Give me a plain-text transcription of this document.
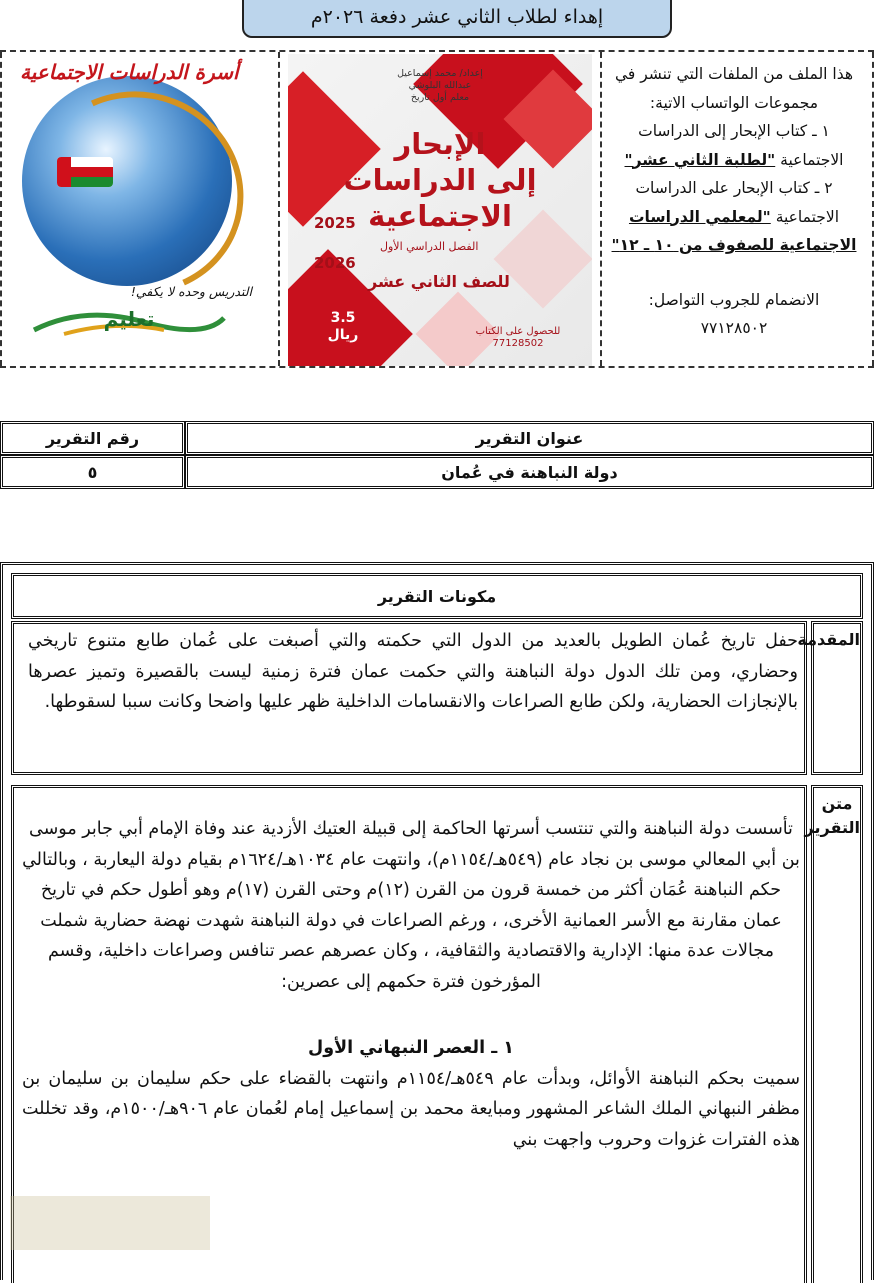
إهداء لطلاب الثاني عشر دفعة ٢٠٢٦م
هذا الملف من الملفات التي تنشر في
مجموعات الواتساب الاتية:
١ ـ كتاب الإبحار إلى الدراسات
الاجتماعية "لطلبة الثاني عشر"
٢ ـ كتاب الإبحار على الدراسات
الاجتماعية "لمعلمي الدراسات
الاجتماعية للصفوف من ١٠ ـ ١٢"
الانضمام للجروب التواصل:
٧٧١٢٨٥٠٢
إعداد/ محمد إسماعيل
عبدالله البلوشي
معلم أول تاريخ
الإبحار
إلى الدراسات
الاجتماعية
2025
الفصل الدراسي الأول
2026
للصف الثاني عشر
3.5
ريال	للحصول على الكتاب
77128502
أسرة الدراسات الاجتماعية
التدريس وحده لا يكفي!
تعليم
عنوان التقرير	رقم التقرير
دولة النباهنة في عُمان	٥
مكونات التقرير
المقدمة
حفل تاريخ عُمان الطويل بالعديد من الدول التي حكمته والتي أصبغت على عُمان طابع متنوع تاريخي وحضاري، ومن تلك الدول دولة النباهنة والتي حكمت عمان فترة زمنية ليست بالقصيرة وتميز عصرها بالإنجازات الحضارية، ولكن طابع الصراعات والانقسامات الداخلية ظهر عليها واضحا وكانت سببا لسقوطها.
متن التقرير

تأسست دولة النباهنة والتي تنتسب أسرتها الحاكمة إلى قبيلة العتيك الأزدية عند وفاة الإمام أبي جابر موسى بن أبي المعالي موسى بن نجاد عام (٥٤٩هـ/١١٥٤م)، وانتهت عام ١٠٣٤هـ/١٦٢٤م بقيام دولة اليعاربة ، وبالتالي حكم النباهنة عُمَان أكثر من خمسة قرون من القرن (١٢)م وحتى القرن (١٧)م وهو أطول حكم في تاريخ عمان مقارنة مع الأسر العمانية الأخرى، ، ورغم الصراعات في دولة النباهنة شهدت نهضة حضارية شملت مجالات عدة منها: الإدارية والاقتصادية والثقافية، ، وكان عصرهم عصر تنافس وصراعات داخلية، وقسم المؤرخون فترة حكمهم إلى عصرين:

١ ـ العصر النبهاني الأول

سميت بحكم النباهنة الأوائل، وبدأت عام ٥٤٩هـ/١١٥٤م وانتهت بالقضاء على حكم سليمان بن سليمان بن مظفر النبهاني الملك الشاعر المشهور ومبايعة محمد بن إسماعيل إمام لعُمان عام ٩٠٦هـ/١٥٠٠م، وقد تخللت هذه الفترات غزوات وحروب واجهت بني
